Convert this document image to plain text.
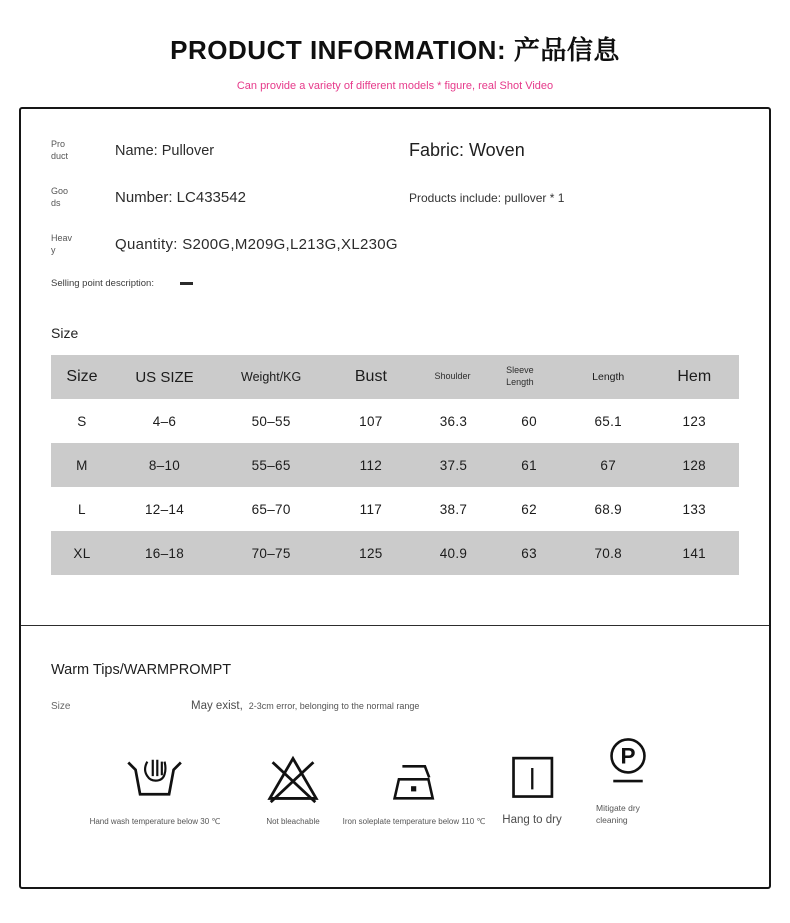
PRODUCT INFORMATION: 产品信息
Can provide a variety of different models * figure, real Shot Video
Pro
duct	Name: Pullover	Fabric: Woven
Goo
ds	Number: LC433542	Products include: pullover * 1
Heav
y	Quantity: S200G,M209G,L213G,XL230G
Selling point description:
Size
Size	US SIZE	Weight/KG	Bust	Shoulder	Sleeve Length	Length	Hem
S	4–6	50–55	107	36.3	60	65.1	123
M	8–10	55–65	112	37.5	61	67	128
L	12–14	65–70	117	38.7	62	68.9	133
XL	16–18	70–75	125	40.9	63	70.8	141
Warm Tips/WARMPROMPT
Size	May exist, 2-3cm error, belonging to the normal range
Hand wash temperature below 30 ℃	Not bleachable	Iron soleplate temperature below 110 ℃ Hang to dry
P
Mitigate dry cleaning
